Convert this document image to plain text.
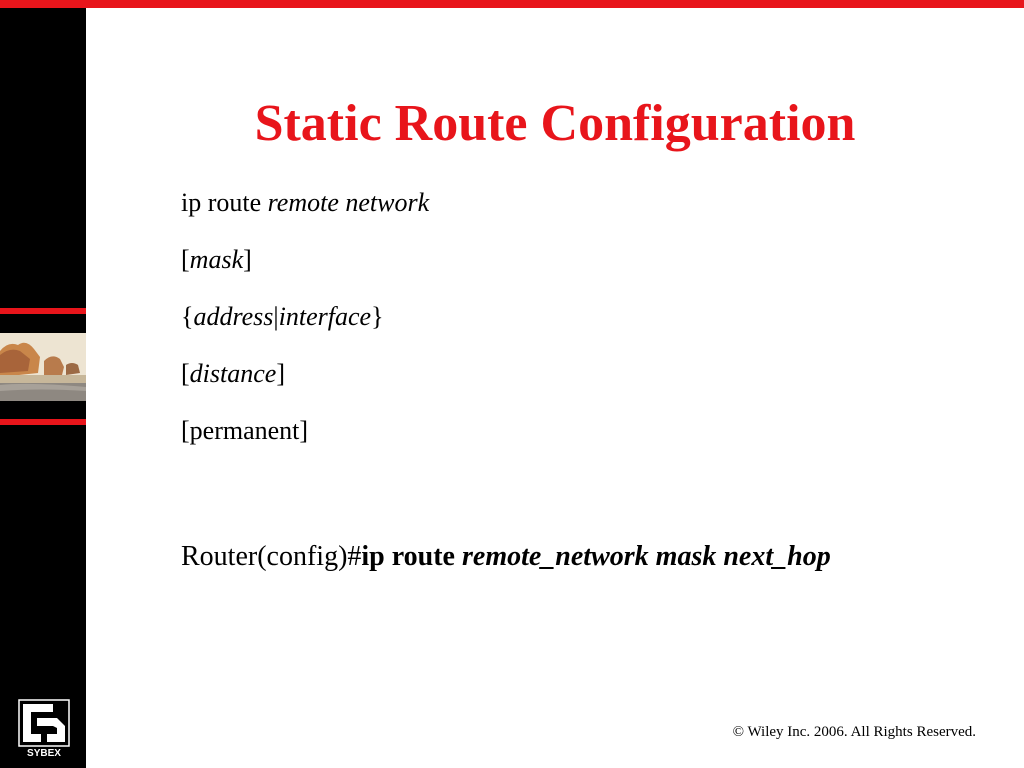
SYBEX
Static Route Configuration
ip route remote network
[mask]
{address|interface}
[distance]
[permanent]
Router(config)#ip route remote_network mask next_hop
© Wiley Inc. 2006. All Rights Reserved.
